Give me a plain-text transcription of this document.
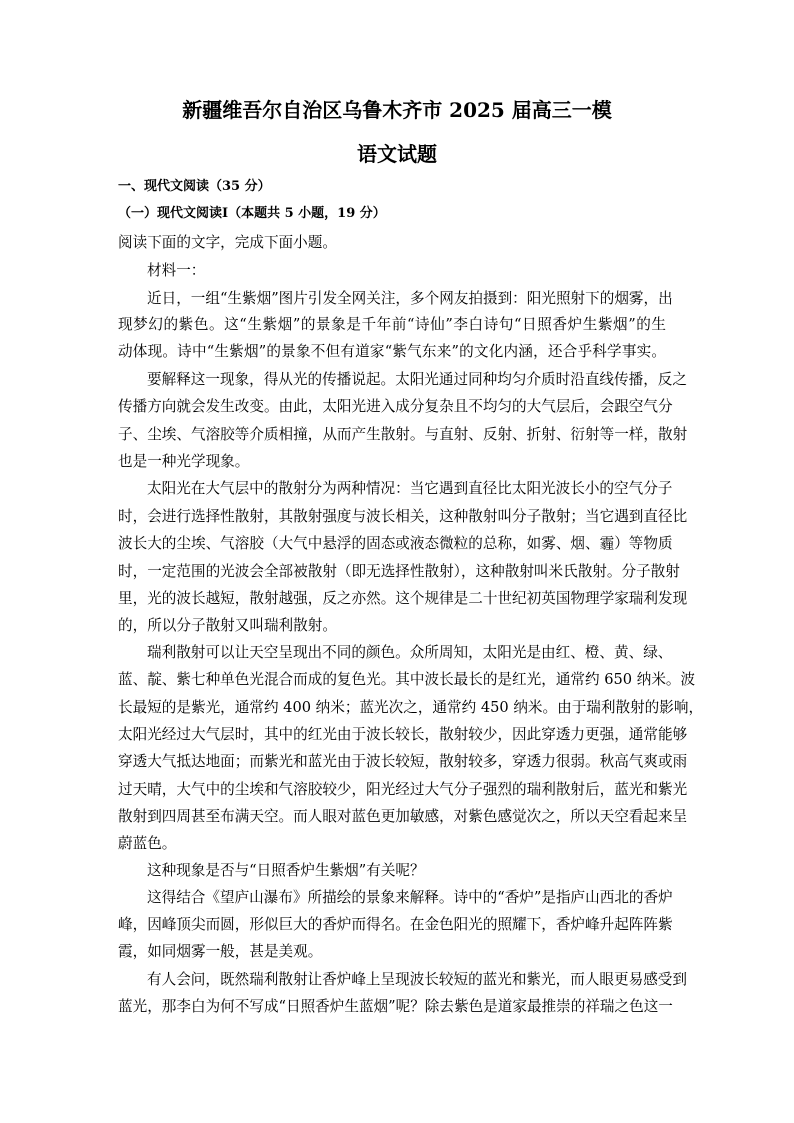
新疆维吾尔自治区乌鲁木齐市 2025 届高三一模
语文试题
一、现代文阅读（35 分）
（一）现代文阅读Ⅰ（本题共 5 小题，19 分）
阅读下面的文字，完成下面小题。
材料一：
近日，一组“生紫烟”图片引发全网关注，多个网友拍摄到：阳光照射下的烟雾，出
现梦幻的紫色。这“生紫烟”的景象是千年前“诗仙”李白诗句“日照香炉生紫烟”的生
动体现。诗中“生紫烟”的景象不但有道家“紫气东来”的文化内涵，还合乎科学事实。
要解释这一现象，得从光的传播说起。太阳光通过同种均匀介质时沿直线传播，反之
传播方向就会发生改变。由此，太阳光进入成分复杂且不均匀的大气层后，会跟空气分
子、尘埃、气溶胶等介质相撞，从而产生散射。与直射、反射、折射、衍射等一样，散射
也是一种光学现象。
太阳光在大气层中的散射分为两种情况：当它遇到直径比太阳光波长小的空气分子
时，会进行选择性散射，其散射强度与波长相关，这种散射叫分子散射；当它遇到直径比
波长大的尘埃、气溶胶（大气中悬浮的固态或液态微粒的总称，如雾、烟、霾）等物质
时，一定范围的光波会全部被散射（即无选择性散射），这种散射叫米氏散射。分子散射
里，光的波长越短，散射越强，反之亦然。这个规律是二十世纪初英国物理学家瑞利发现
的，所以分子散射又叫瑞利散射。
瑞利散射可以让天空呈现出不同的颜色。众所周知，太阳光是由红、橙、黄、绿、
蓝、靛、紫七种单色光混合而成的复色光。其中波长最长的是红光，通常约 650 纳米。波
长最短的是紫光，通常约 400 纳米；蓝光次之，通常约 450 纳米。由于瑞利散射的影响，
太阳光经过大气层时，其中的红光由于波长较长，散射较少，因此穿透力更强，通常能够
穿透大气抵达地面；而紫光和蓝光由于波长较短，散射较多，穿透力很弱。秋高气爽或雨
过天晴，大气中的尘埃和气溶胶较少，阳光经过大气分子强烈的瑞利散射后，蓝光和紫光
散射到四周甚至布满天空。而人眼对蓝色更加敏感，对紫色感觉次之，所以天空看起来呈
蔚蓝色。
这种现象是否与“日照香炉生紫烟”有关呢？
这得结合《望庐山瀑布》所描绘的景象来解释。诗中的“香炉”是指庐山西北的香炉
峰，因峰顶尖而圆，形似巨大的香炉而得名。在金色阳光的照耀下，香炉峰升起阵阵紫
霞，如同烟雾一般，甚是美观。
有人会问，既然瑞利散射让香炉峰上呈现波长较短的蓝光和紫光，而人眼更易感受到
蓝光，那李白为何不写成“日照香炉生蓝烟”呢？除去紫色是道家最推崇的祥瑞之色这一
